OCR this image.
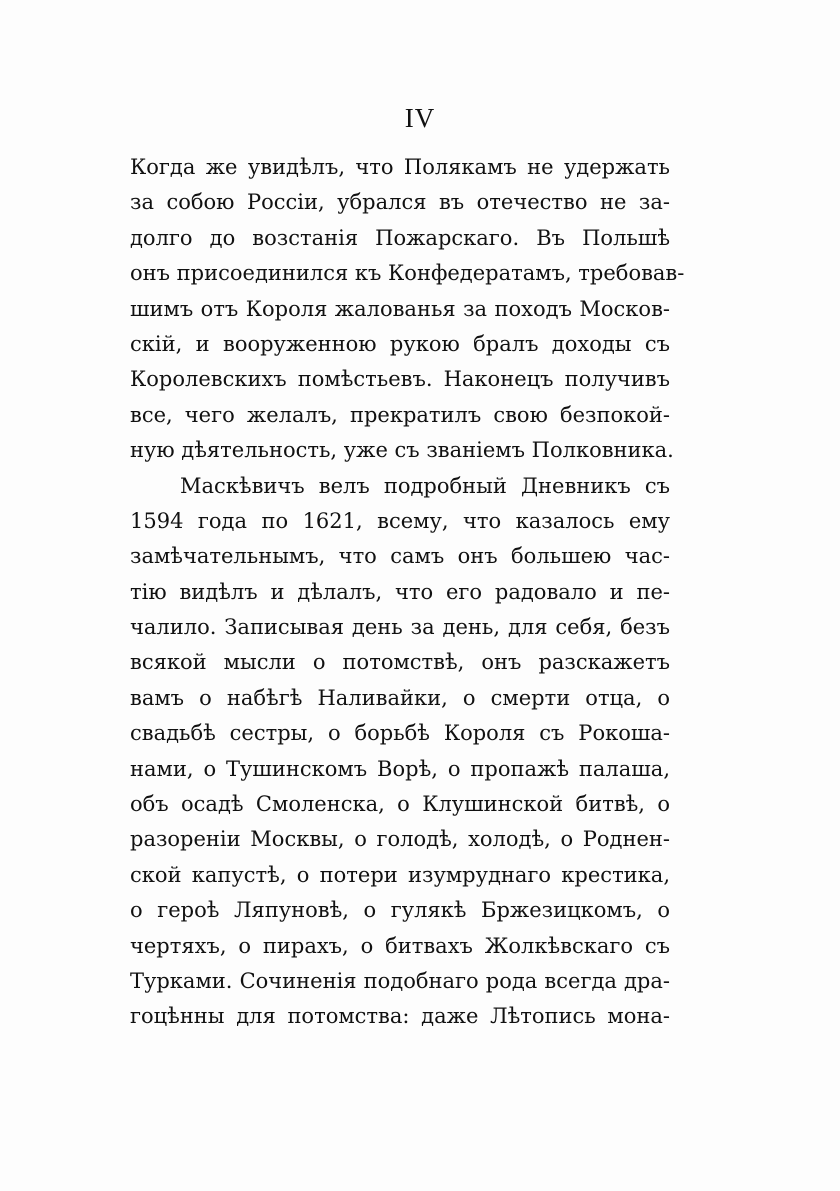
IV
Когда же увидѣлъ, что Полякамъ не удержать
за собою Россіи, убрался въ отечество не за-
долго до возстанія Пожарскаго. Въ Польшѣ
онъ присоединился къ Конфедератамъ, требовав-
шимъ отъ Короля жалованья за походъ Москов-
скій, и вооруженною рукою бралъ доходы съ
Королевскихъ помѣстьевъ. Наконецъ получивъ
все, чего желалъ, прекратилъ свою безпокой-
ную дѣятельность, уже съ званіемъ Полковника.
Маскѣвичъ велъ подробный Дневникъ съ
1594 года по 1621, всему, что казалось ему
замѣчательнымъ, что самъ онъ большею час-
тію видѣлъ и дѣлалъ, что его радовало и пе-
чалило. Записывая день за день, для себя, безъ
всякой мысли о потомствѣ, онъ разскажетъ
вамъ о набѣгѣ Наливайки, о смерти отца, о
свадьбѣ сестры, о борьбѣ Короля съ Рокоша-
нами, о Тушинскомъ Ворѣ, о пропажѣ палаша,
объ осадѣ Смоленска, о Клушинской битвѣ, о
разореніи Москвы, о голодѣ, холодѣ, о Роднен-
ской капустѣ, о потери изумруднаго крестика,
о героѣ Ляпуновѣ, о гулякѣ Бржезицкомъ, о
чертяхъ, о пирахъ, о битвахъ Жолкѣвскаго съ
Турками. Сочиненія подобнаго рода всегда дра-
гоцѣнны для потомства: даже Лѣтопись мона-
